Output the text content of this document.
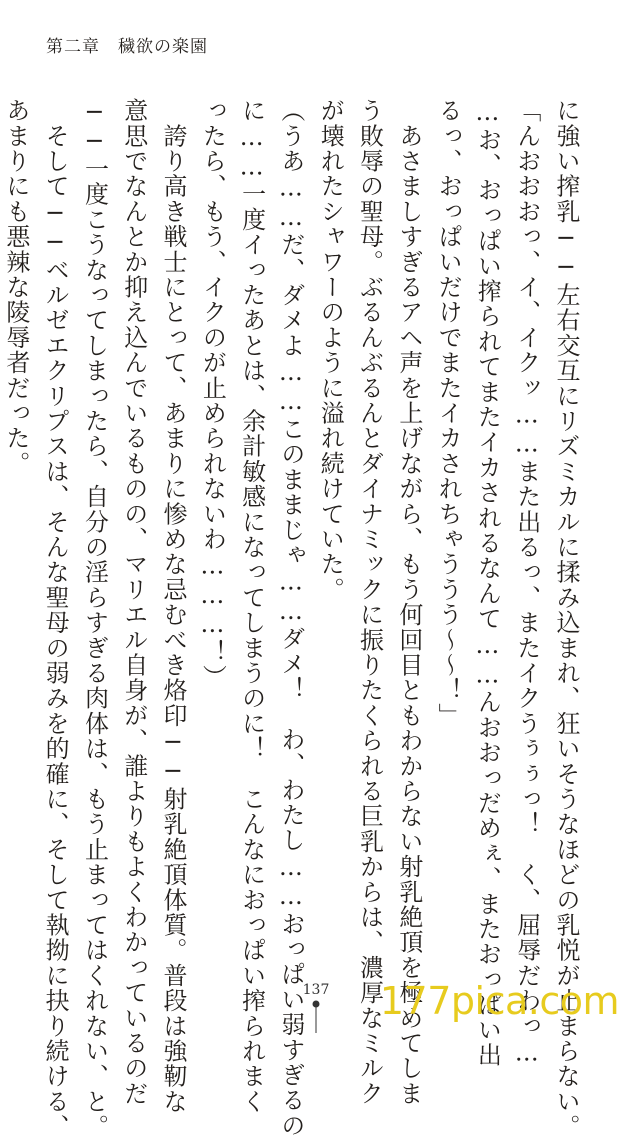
第二章　穢欲の楽園

に強い搾乳──左右交互にリズミカルに揉み込まれ、狂いそうなほどの乳悦が止まらない。

「んおおおっ、イ、イクッ……また出るっ、またイクうぅぅっ！　く、屈辱だわっ…

…お、おっぱい搾られてまたイカされるなんて……んおおっだめぇ、またおっぱい出

るっ、おっぱいだけでまたイカされちゃううう～～！」

　あさましすぎるアヘ声を上げながら、もう何回目ともわからない射乳絶頂を極めてしま

う敗辱の聖母。ぶるんぶるんとダイナミックに振りたくられる巨乳からは、濃厚なミルク

が壊れたシャワーのように溢れ続けていた。

（うあ……だ、ダメよ……このままじゃ……ダメ！　わ、わたし……おっぱい弱すぎるの

に……一度イったあとは、余計敏感になってしまうのに！　こんなにおっぱい搾られまく

ったら、もう、イクのが止められないわ………！）

　誇り高き戦士にとって、あまりに惨めな忌むべき烙印──射乳絶頂体質。普段は強靭な

意思でなんとか抑え込んでいるものの、マリエル自身が、誰よりもよくわかっているのだ

──一度こうなってしまったら、自分の淫らすぎる肉体は、もう止まってはくれない、と。

　そして──ベルゼエクリプスは、そんな聖母の弱みを的確に、そして執拗に抉り続ける、

あまりにも悪辣な陵辱者だった。

137 177pica.com
